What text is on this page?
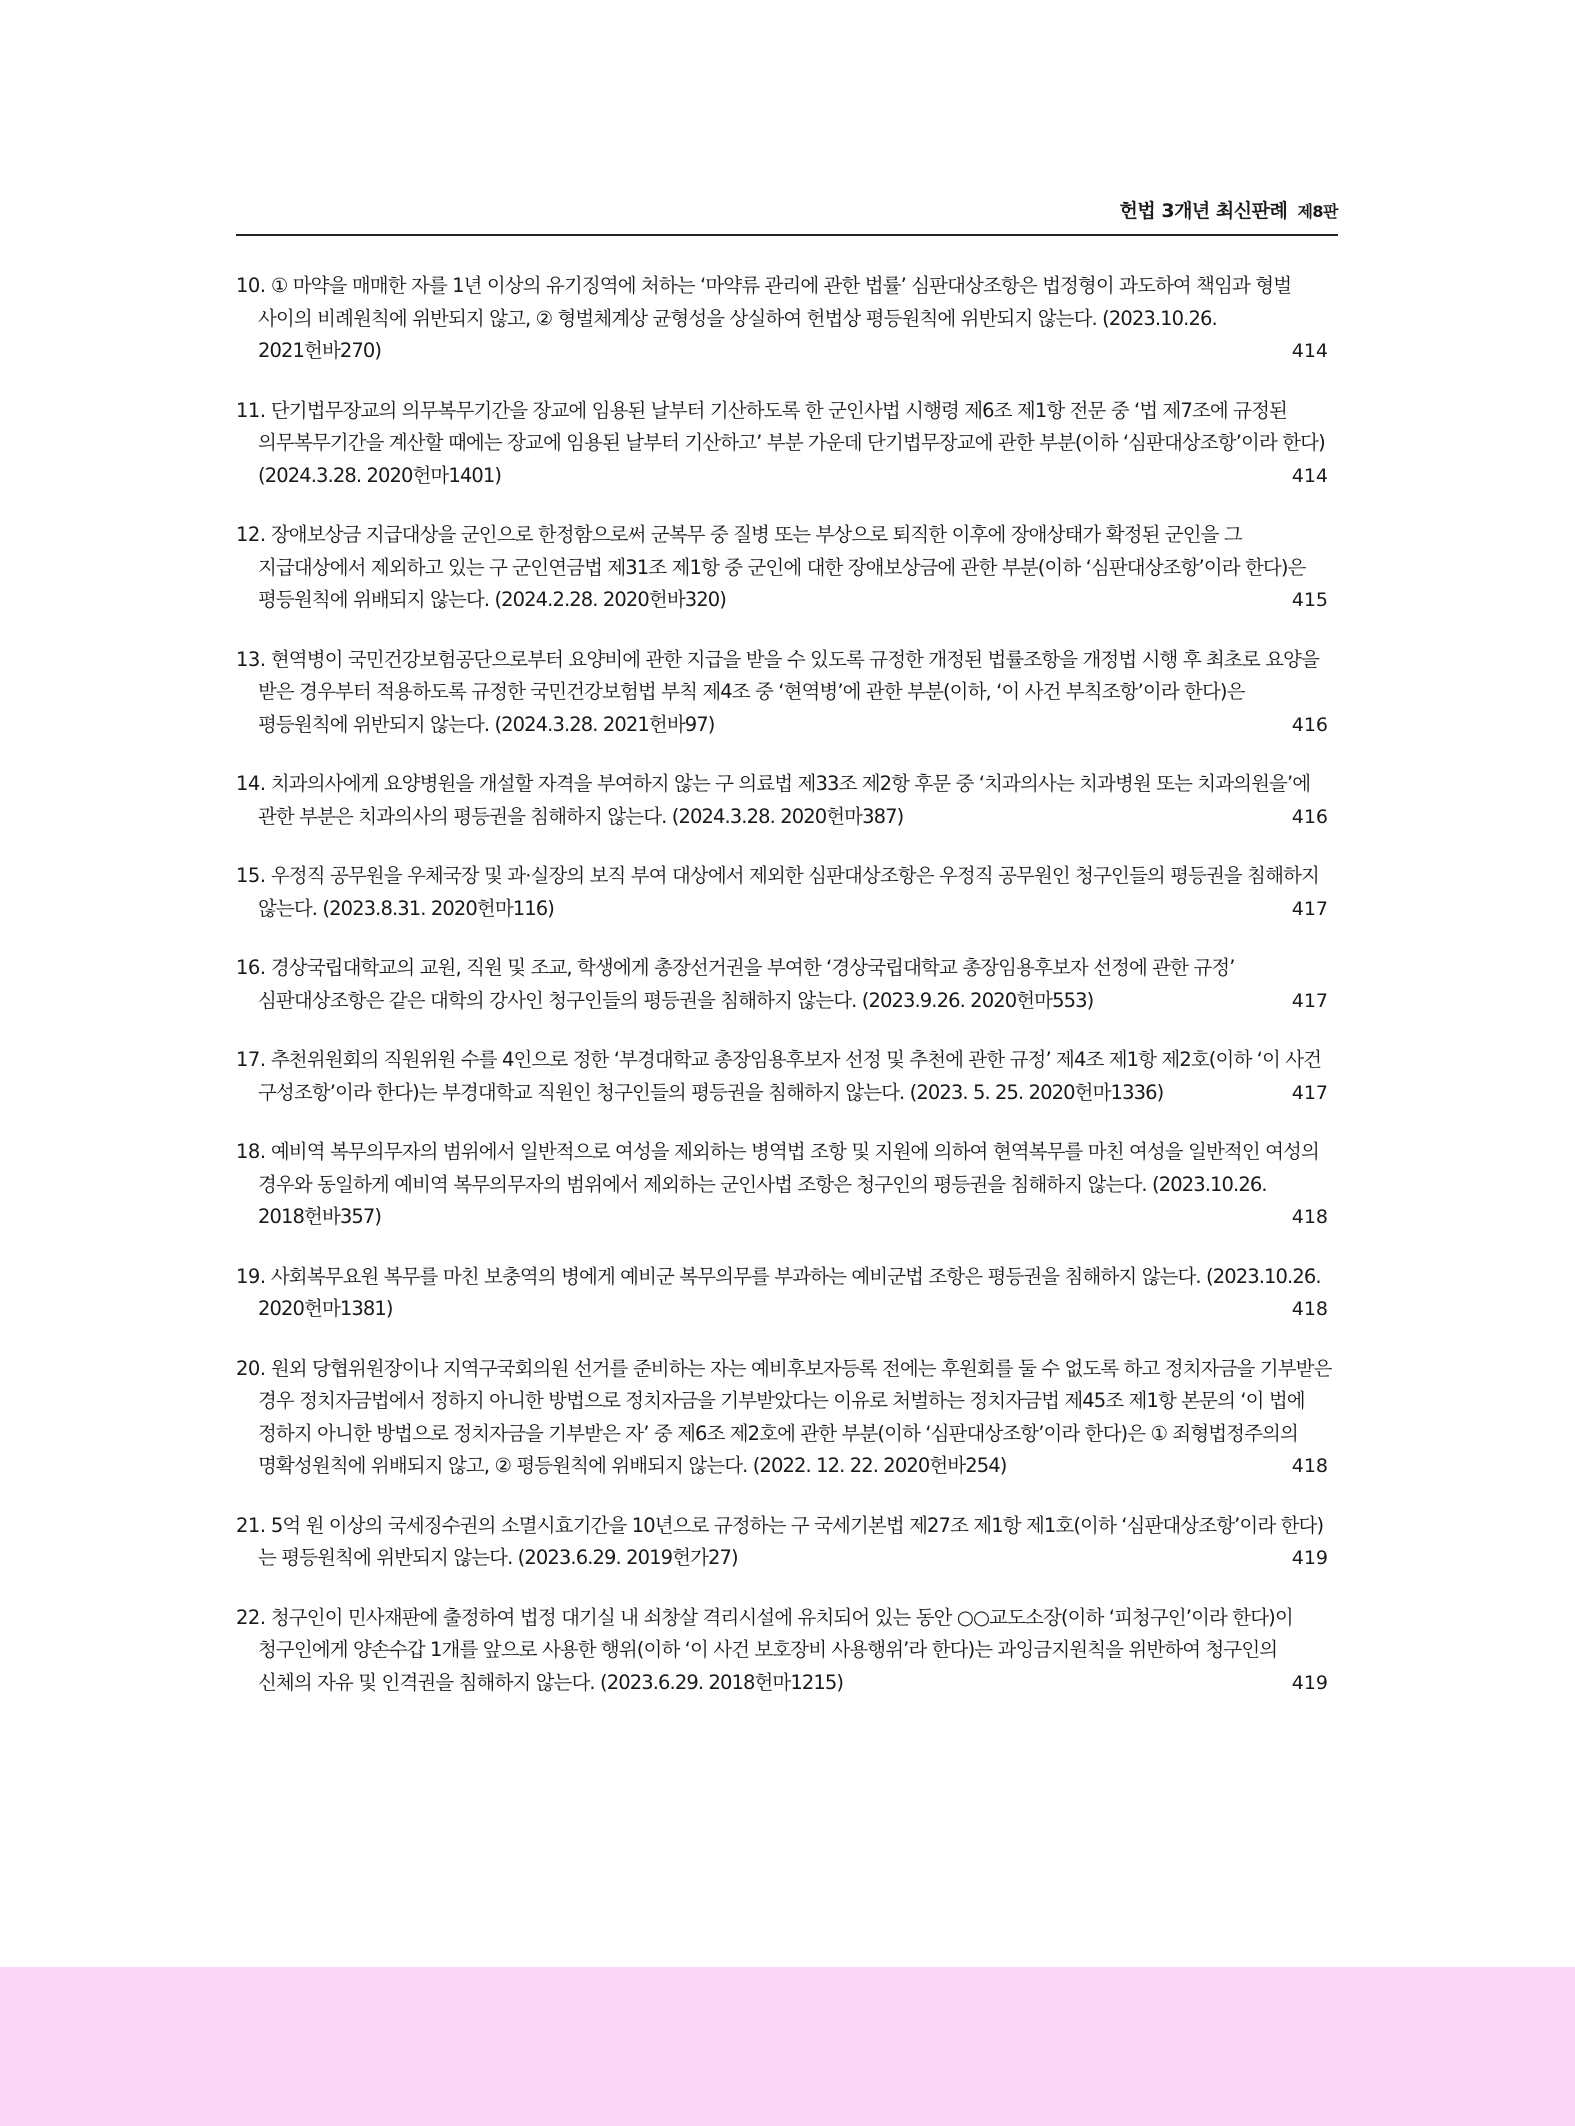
헌법 3개년 최신판례 제8판
10. ① 마약을 매매한 자를 1년 이상의 유기징역에 처하는 ‘마약류 관리에 관한 법률’ 심판대상조항은 법정형이 과도하여 책임과 형벌 사이의 비례원칙에 위반되지 않고, ② 형벌체계상 균형성을 상실하여 헌법상 평등원칙에 위반되지 않는다. (2023.10.26. 2021헌바270)	414
11. 단기법무장교의 의무복무기간을 장교에 임용된 날부터 기산하도록 한 군인사법 시행령 제6조 제1항 전문 중 ‘법 제7조에 규정된 의무복무기간을 계산할 때에는 장교에 임용된 날부터 기산하고’ 부분 가운데 단기법무장교에 관한 부분(이하 ‘심판대상조항’이라 한다) (2024.3.28. 2020헌마1401)	414
12. 장애보상금 지급대상을 군인으로 한정함으로써 군복무 중 질병 또는 부상으로 퇴직한 이후에 장애상태가 확정된 군인을 그 지급대상에서 제외하고 있는 구 군인연금법 제31조 제1항 중 군인에 대한 장애보상금에 관한 부분(이하 ‘심판대상조항’이라 한다)은 평등원칙에 위배되지 않는다. (2024.2.28. 2020헌바320)	415
13. 현역병이 국민건강보험공단으로부터 요양비에 관한 지급을 받을 수 있도록 규정한 개정된 법률조항을 개정법 시행 후 최초로 요양을 받은 경우부터 적용하도록 규정한 국민건강보험법 부칙 제4조 중 ‘현역병’에 관한 부분(이하, ‘이 사건 부칙조항’이라 한다)은 평등원칙에 위반되지 않는다. (2024.3.28. 2021헌바97)	416
14. 치과의사에게 요양병원을 개설할 자격을 부여하지 않는 구 의료법 제33조 제2항 후문 중 ‘치과의사는 치과병원 또는 치과의원을’에 관한 부분은 치과의사의 평등권을 침해하지 않는다. (2024.3.28. 2020헌마387)	416
15. 우정직 공무원을 우체국장 및 과·실장의 보직 부여 대상에서 제외한 심판대상조항은 우정직 공무원인 청구인들의 평등권을 침해하지 않는다. (2023.8.31. 2020헌마116)	417
16. 경상국립대학교의 교원, 직원 및 조교, 학생에게 총장선거권을 부여한 ‘경상국립대학교 총장임용후보자 선정에 관한 규정’ 심판대상조항은 같은 대학의 강사인 청구인들의 평등권을 침해하지 않는다. (2023.9.26. 2020헌마553)	417
17. 추천위원회의 직원위원 수를 4인으로 정한 ‘부경대학교 총장임용후보자 선정 및 추천에 관한 규정’ 제4조 제1항 제2호(이하 ‘이 사건 구성조항’이라 한다)는 부경대학교 직원인 청구인들의 평등권을 침해하지 않는다. (2023. 5. 25. 2020헌마1336)	417
18. 예비역 복무의무자의 범위에서 일반적으로 여성을 제외하는 병역법 조항 및 지원에 의하여 현역복무를 마친 여성을 일반적인 여성의 경우와 동일하게 예비역 복무의무자의 범위에서 제외하는 군인사법 조항은 청구인의 평등권을 침해하지 않는다. (2023.10.26. 2018헌바357)	418
19. 사회복무요원 복무를 마친 보충역의 병에게 예비군 복무의무를 부과하는 예비군법 조항은 평등권을 침해하지 않는다. (2023.10.26. 2020헌마1381)	418
20. 원외 당협위원장이나 지역구국회의원 선거를 준비하는 자는 예비후보자등록 전에는 후원회를 둘 수 없도록 하고 정치자금을 기부받은 경우 정치자금법에서 정하지 아니한 방법으로 정치자금을 기부받았다는 이유로 처벌하는 정치자금법 제45조 제1항 본문의 ‘이 법에 정하지 아니한 방법으로 정치자금을 기부받은 자’ 중 제6조 제2호에 관한 부분(이하 ‘심판대상조항’이라 한다)은 ① 죄형법정주의의 명확성원칙에 위배되지 않고, ② 평등원칙에 위배되지 않는다. (2022. 12. 22. 2020헌바254)	418
21. 5억 원 이상의 국세징수권의 소멸시효기간을 10년으로 규정하는 구 국세기본법 제27조 제1항 제1호(이하 ‘심판대상조항’이라 한다)는 평등원칙에 위반되지 않는다. (2023.6.29. 2019헌가27)	419
22. 청구인이 민사재판에 출정하여 법정 대기실 내 쇠창살 격리시설에 유치되어 있는 동안 ○○교도소장(이하 ‘피청구인’이라 한다)이 청구인에게 양손수갑 1개를 앞으로 사용한 행위(이하 ‘이 사건 보호장비 사용행위’라 한다)는 과잉금지원칙을 위반하여 청구인의 신체의 자유 및 인격권을 침해하지 않는다. (2023.6.29. 2018헌마1215)	419
